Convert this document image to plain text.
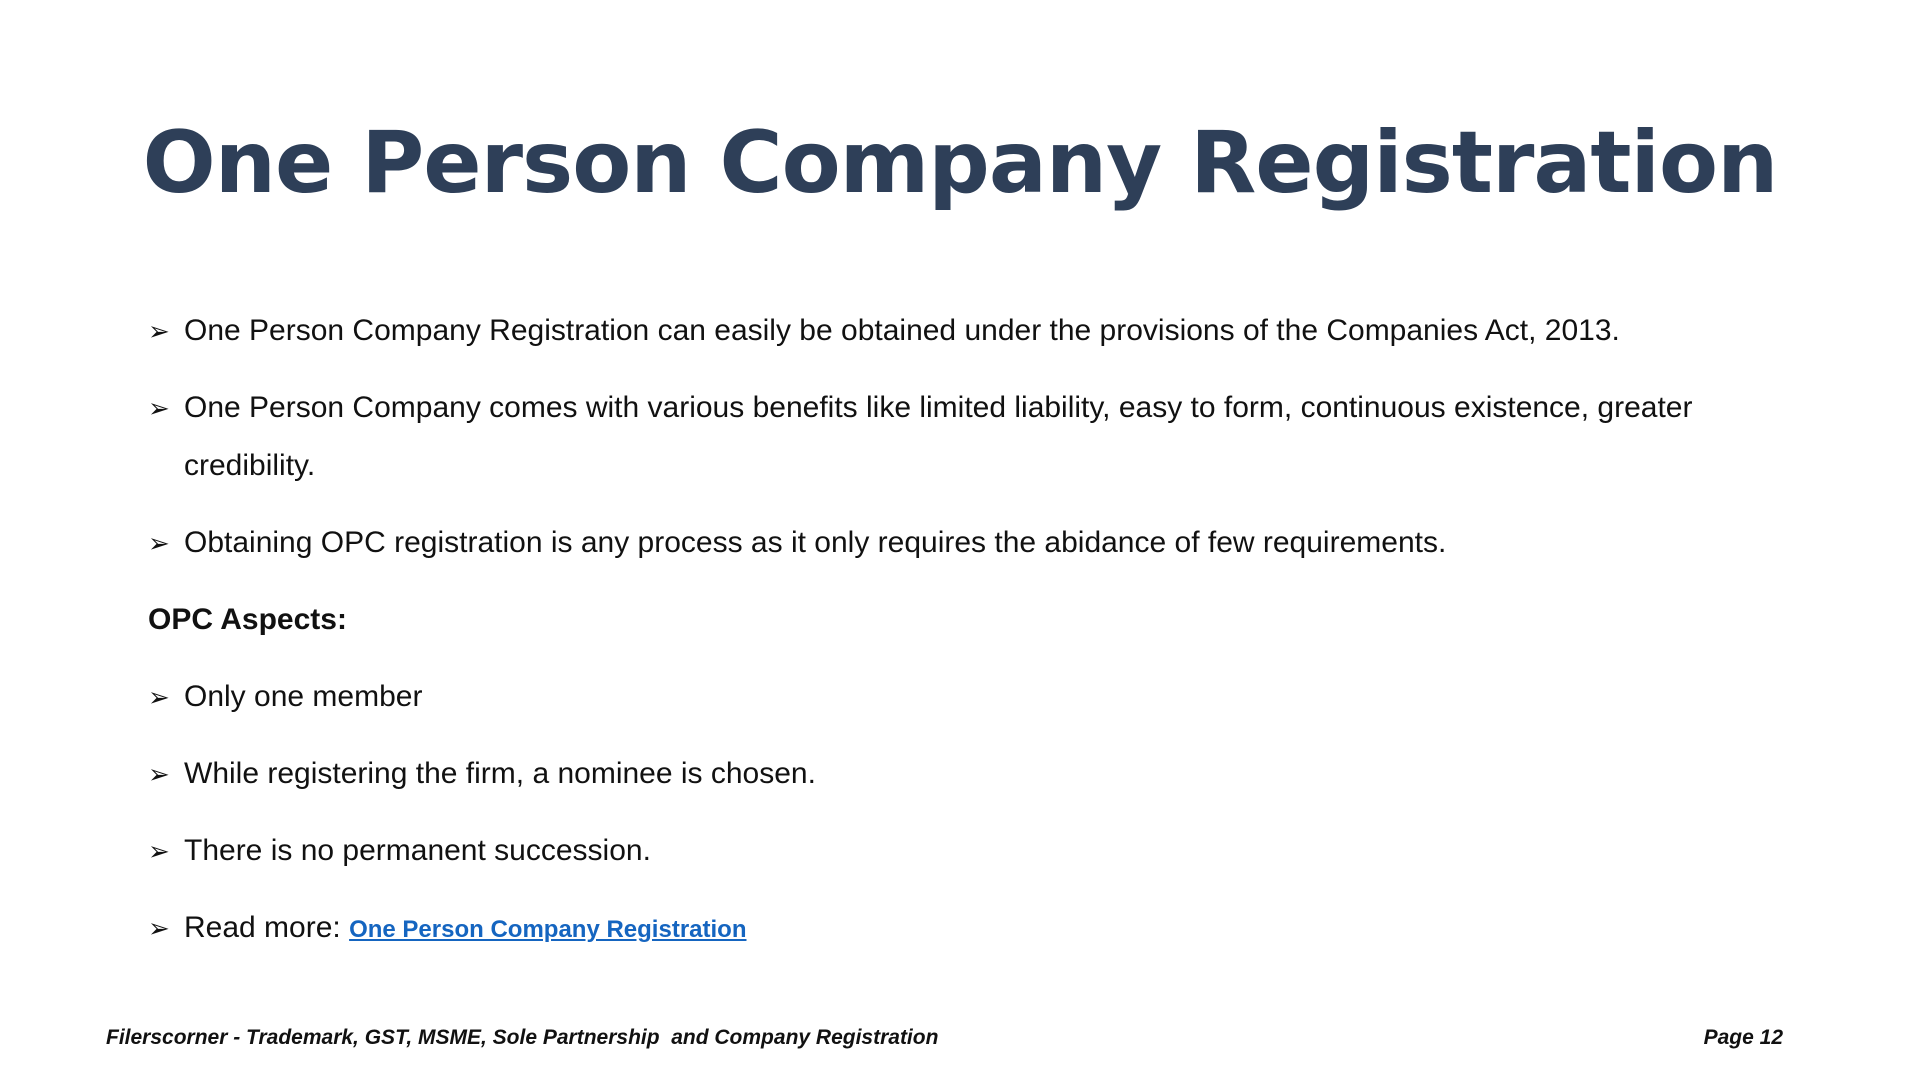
One Person Company Registration
➢ One Person Company Registration can easily be obtained under the provisions of the Companies Act, 2013.
➢ One Person Company comes with various benefits like limited liability, easy to form, continuous existence, greater credibility.
➢ Obtaining OPC registration is any process as it only requires the abidance of few requirements.
OPC Aspects:
➢ Only one member
➢ While registering the firm, a nominee is chosen.
➢ There is no permanent succession.
➢ Read more: One Person Company Registration
Filerscorner - Trademark, GST, MSME, Sole Partnership  and Company Registration	Page 12
